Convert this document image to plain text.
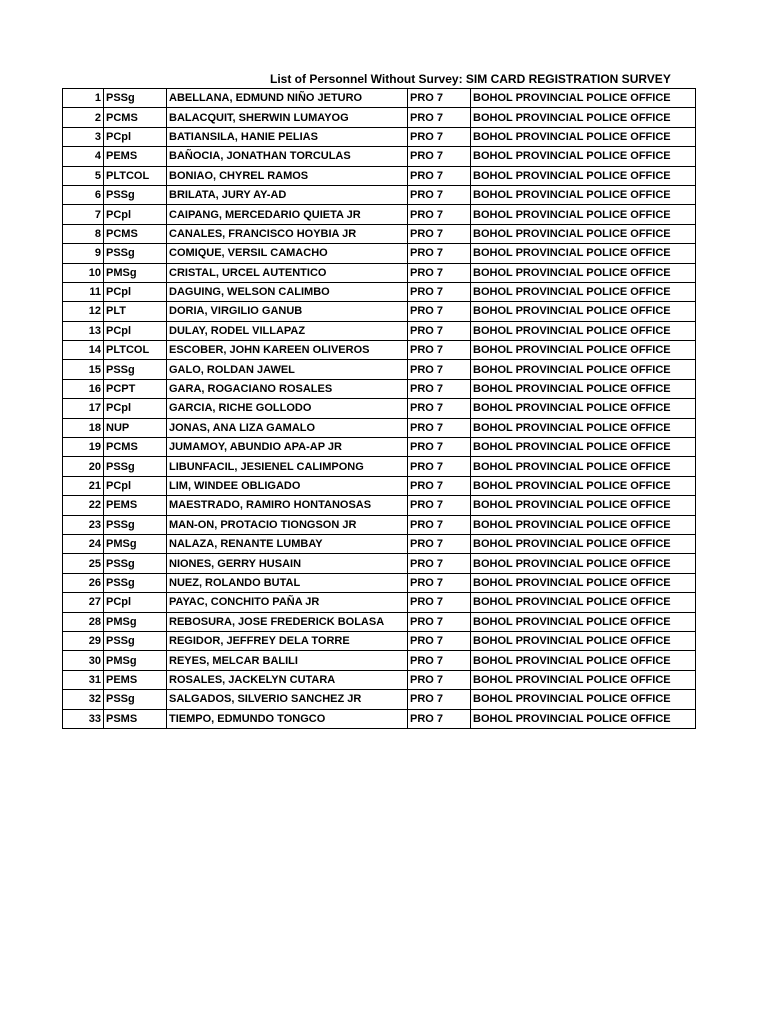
List of Personnel Without Survey: SIM CARD REGISTRATION SURVEY
1	PSSg	ABELLANA, EDMUND NIÑO JETURO	PRO 7	BOHOL PROVINCIAL POLICE OFFICE
2	PCMS	BALACQUIT, SHERWIN LUMAYOG	PRO 7	BOHOL PROVINCIAL POLICE OFFICE
3	PCpl	BATIANSILA, HANIE PELIAS	PRO 7	BOHOL PROVINCIAL POLICE OFFICE
4	PEMS	BAÑOCIA, JONATHAN TORCULAS	PRO 7	BOHOL PROVINCIAL POLICE OFFICE
5	PLTCOL	BONIAO, CHYREL RAMOS	PRO 7	BOHOL PROVINCIAL POLICE OFFICE
6	PSSg	BRILATA, JURY AY-AD	PRO 7	BOHOL PROVINCIAL POLICE OFFICE
7	PCpl	CAIPANG, MERCEDARIO QUIETA JR	PRO 7	BOHOL PROVINCIAL POLICE OFFICE
8	PCMS	CANALES, FRANCISCO HOYBIA JR	PRO 7	BOHOL PROVINCIAL POLICE OFFICE
9	PSSg	COMIQUE, VERSIL CAMACHO	PRO 7	BOHOL PROVINCIAL POLICE OFFICE
10	PMSg	CRISTAL, URCEL AUTENTICO	PRO 7	BOHOL PROVINCIAL POLICE OFFICE
11	PCpl	DAGUING, WELSON CALIMBO	PRO 7	BOHOL PROVINCIAL POLICE OFFICE
12	PLT	DORIA, VIRGILIO GANUB	PRO 7	BOHOL PROVINCIAL POLICE OFFICE
13	PCpl	DULAY, RODEL VILLAPAZ	PRO 7	BOHOL PROVINCIAL POLICE OFFICE
14	PLTCOL	ESCOBER, JOHN KAREEN OLIVEROS	PRO 7	BOHOL PROVINCIAL POLICE OFFICE
15	PSSg	GALO, ROLDAN JAWEL	PRO 7	BOHOL PROVINCIAL POLICE OFFICE
16	PCPT	GARA, ROGACIANO ROSALES	PRO 7	BOHOL PROVINCIAL POLICE OFFICE
17	PCpl	GARCIA, RICHE GOLLODO	PRO 7	BOHOL PROVINCIAL POLICE OFFICE
18	NUP	JONAS, ANA LIZA GAMALO	PRO 7	BOHOL PROVINCIAL POLICE OFFICE
19	PCMS	JUMAMOY, ABUNDIO APA-AP JR	PRO 7	BOHOL PROVINCIAL POLICE OFFICE
20	PSSg	LIBUNFACIL, JESIENEL CALIMPONG	PRO 7	BOHOL PROVINCIAL POLICE OFFICE
21	PCpl	LIM, WINDEE OBLIGADO	PRO 7	BOHOL PROVINCIAL POLICE OFFICE
22	PEMS	MAESTRADO, RAMIRO HONTANOSAS	PRO 7	BOHOL PROVINCIAL POLICE OFFICE
23	PSSg	MAN-ON, PROTACIO TIONGSON JR	PRO 7	BOHOL PROVINCIAL POLICE OFFICE
24	PMSg	NALAZA, RENANTE LUMBAY	PRO 7	BOHOL PROVINCIAL POLICE OFFICE
25	PSSg	NIONES, GERRY HUSAIN	PRO 7	BOHOL PROVINCIAL POLICE OFFICE
26	PSSg	NUEZ, ROLANDO BUTAL	PRO 7	BOHOL PROVINCIAL POLICE OFFICE
27	PCpl	PAYAC, CONCHITO PAÑA JR	PRO 7	BOHOL PROVINCIAL POLICE OFFICE
28	PMSg	REBOSURA, JOSE FREDERICK BOLASA	PRO 7	BOHOL PROVINCIAL POLICE OFFICE
29	PSSg	REGIDOR, JEFFREY DELA TORRE	PRO 7	BOHOL PROVINCIAL POLICE OFFICE
30	PMSg	REYES, MELCAR BALILI	PRO 7	BOHOL PROVINCIAL POLICE OFFICE
31	PEMS	ROSALES, JACKELYN CUTARA	PRO 7	BOHOL PROVINCIAL POLICE OFFICE
32	PSSg	SALGADOS, SILVERIO SANCHEZ JR	PRO 7	BOHOL PROVINCIAL POLICE OFFICE
33	PSMS	TIEMPO, EDMUNDO TONGCO	PRO 7	BOHOL PROVINCIAL POLICE OFFICE
